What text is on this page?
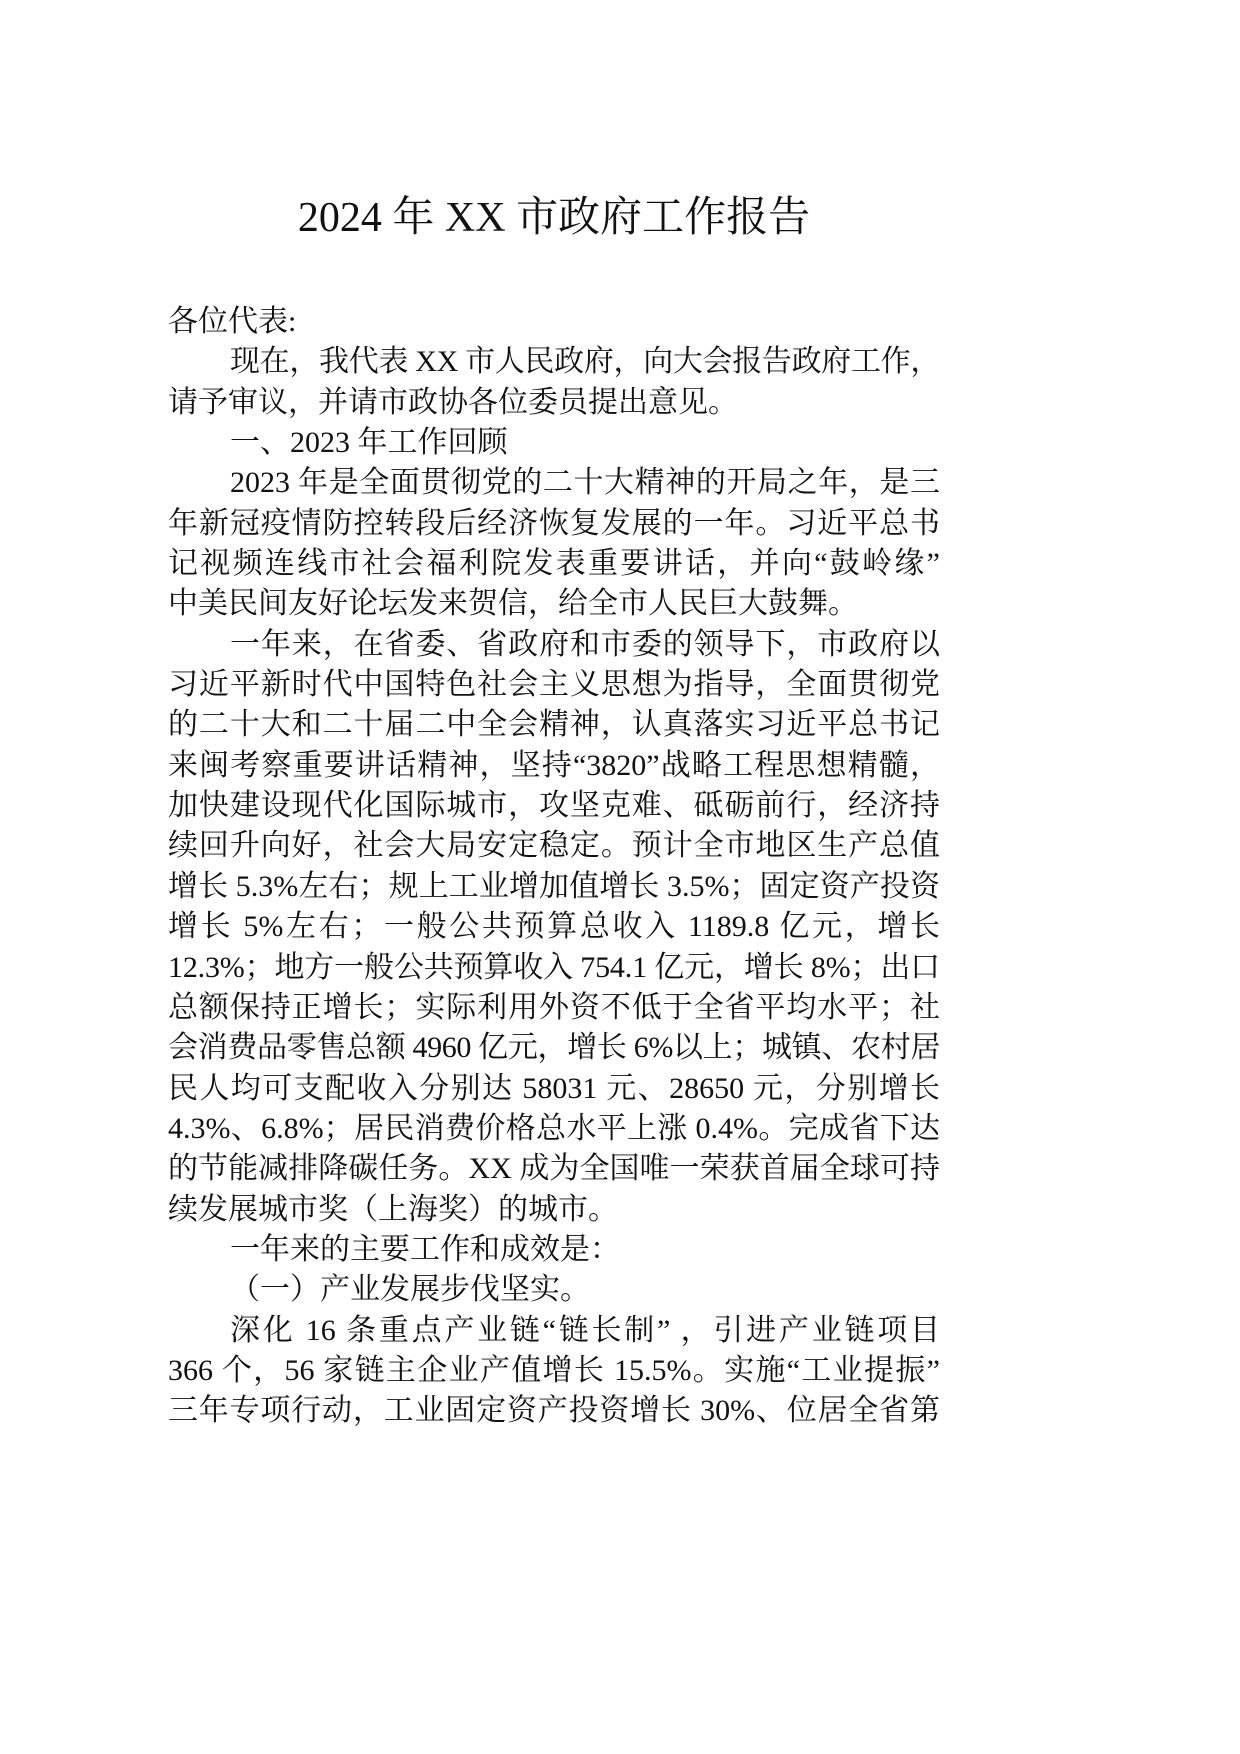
2024 年 XX 市政府工作报告
各位代表:
现在，我代表 XX 市人民政府，向大会报告政府工作，
请予审议，并请市政协各位委员提出意见。
一、2023 年工作回顾
2023 年是全面贯彻党的二十大精神的开局之年，是三
年新冠疫情防控转段后经济恢复发展的一年。习近平总书
记视频连线市社会福利院发表重要讲话，并向“鼓岭缘”
中美民间友好论坛发来贺信，给全市人民巨大鼓舞。
一年来，在省委、省政府和市委的领导下，市政府以
习近平新时代中国特色社会主义思想为指导，全面贯彻党
的二十大和二十届二中全会精神，认真落实习近平总书记
来闽考察重要讲话精神，坚持“3820”战略工程思想精髓，
加快建设现代化国际城市，攻坚克难、砥砺前行，经济持
续回升向好，社会大局安定稳定。预计全市地区生产总值
增长 5.3%左右；规上工业增加值增长 3.5%；固定资产投资
增长 5%左右；一般公共预算总收入 1189.8 亿元，增长
12.3%；地方一般公共预算收入 754.1 亿元，增长 8%；出口
总额保持正增长；实际利用外资不低于全省平均水平；社
会消费品零售总额 4960 亿元，增长 6%以上；城镇、农村居
民人均可支配收入分别达 58031 元、28650 元，分别增长
4.3%、6.8%；居民消费价格总水平上涨 0.4%。完成省下达
的节能减排降碳任务。XX 成为全国唯一荣获首届全球可持
续发展城市奖（上海奖）的城市。
一年来的主要工作和成效是：
（一）产业发展步伐坚实。
深化 16 条重点产业链“链长制” ，引进产业链项目
366 个，56 家链主企业产值增长 15.5%。实施“工业提振”
三年专项行动，工业固定资产投资增长 30%、位居全省第
